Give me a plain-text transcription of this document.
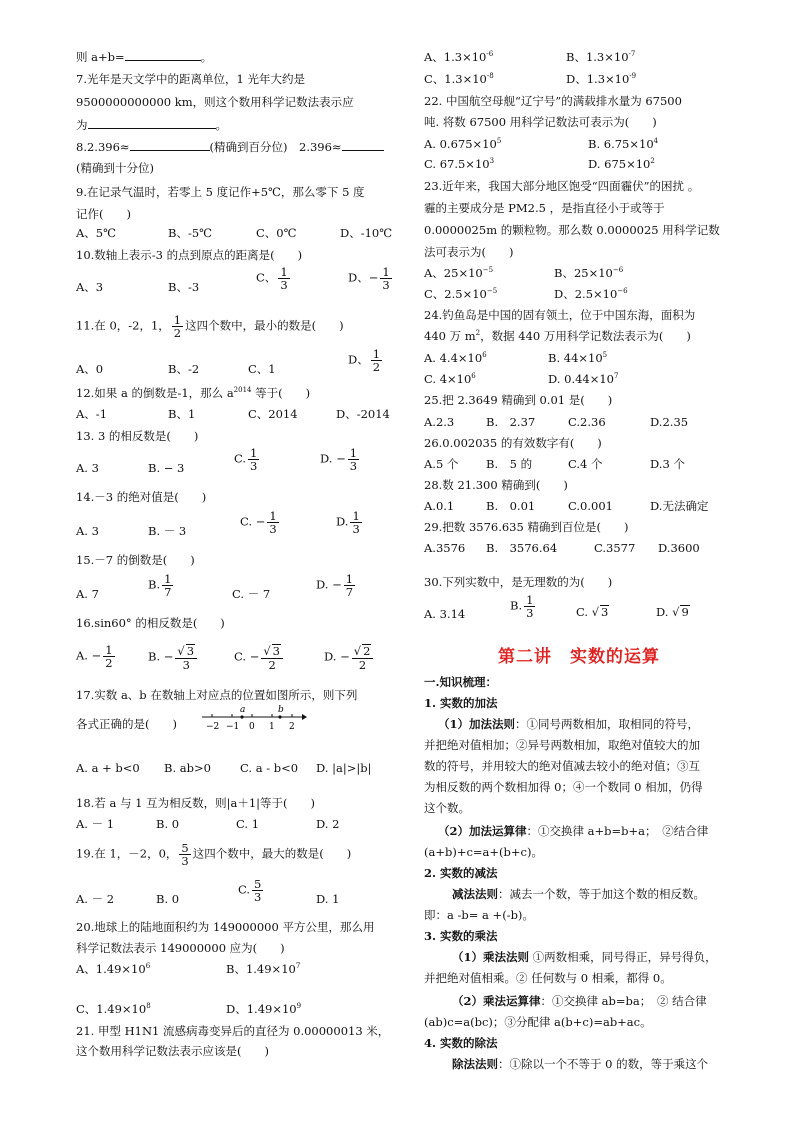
则 a+b=	。
7.光年是天文学中的距离单位，1 光年大约是
9500000000000 km，则这个数用科学记数法表示应
为	。
8.2.396≈	(精确到百分位)　2.396≈
(精确到十分位)
9.在记录气温时，若零上 5 度记作+5℃，那么零下 5 度
记作(　　)
A、5℃	B、-5℃	C、0℃	D、-10℃
10.数轴上表示-3 的点到原点的距离是(　　)
A、3	B、-3
C、 $\frac{1}{3}$	D、− $\frac{1}{3}$
11.在 0，-2，1， $\frac{1}{2}$ 这四个数中，最小的数是(　　)
A、0	B、-2	C、1
D、 $\frac{1}{2}$
12.如果 a 的倒数是-1，那么 $a^{2014}$ 等于(　　)
A、-1	B、1	C、2014	D、-2014
13. 3 的相反数是(　　)
A. 3	B. − 3
C. $\frac{1}{3}$	D. − $\frac{1}{3}$
14.－3 的绝对值是(　　)
A. 3	B. － 3
C. − $\frac{1}{3}$	D. $\frac{1}{3}$
15.－7 的倒数是(　　)
A. 7
B. $\frac{1}{7}$	C. － 7
D. − $\frac{1}{7}$
16.sin60° 的相反数是(　　)
A. − $\frac{1}{2}$	B. − $\frac{√ 3}{3}$	C. − $\frac{√ 3}{2}$	D. − $\frac{√ 2}{2}$
17.实数 a、b 在数轴上对应点的位置如图所示，则下列
各式正确的是(　　)
a	b
−2 −1 0 1 2
A. a + b<0 B. ab>0	C. a - b<0 D. |a|>|b|
18.若 a 与 1 互为相反数，则|a＋1|等于(　　)
A. － 1	B. 0	C. 1	D. 2
19.在 1，－2，0， $\frac{5}{3}$ 这四个数中，最大的数是(　　)
A. － 2	B. 0
C. $\frac{5}{3}$	D. 1
20.地球上的陆地面积约为 149000000 平方公里，那么用
科学记数法表示 149000000 应为(　　)
A、$1.49\times 10^6$	B、$1.49\times 10^7$
C、$1.49\times 10^8$	D、$1.49\times 10^9$
21. 甲型 H1N1 流感病毒变异后的直径为 0.00000013 米，
这个数用科学记数法表示应该是(　　)
A、$1.3\times 10^{-6}$	B、$1.3\times 10^{-7}$
C、$1.3\times 10^{-8}$	D、$1.3\times 10^{-9}$
22. 中国航空母舰“辽宁号”的满载排水量为 67500
吨. 将数 67500 用科学记数法可表示为(　　)
A. $0.675\times 10^5$	B. $6.75\times 10^4$
C. $67.5\times 10^3$	D. $675\times 10^2$
23.近年来，我国大部分地区饱受“四面霾伏”的困扰 。
霾的主要成分是 PM2.5 ，是指直径小于或等于
0.0000025m 的颗粒物。那么数 0.0000025 用科学记数
法可表示为(　　)
A、$25\times 10^{-5}$	B、$25\times 10^{-6}$
C、$2.5\times 10^{-5}$	D、$2.5\times 10^{-6}$
24.钓鱼岛是中国的固有领土，位于中国东海，面积为
440 万 $m^2$，数据 440 万用科学记数法表示为(　　)
A. $4.4\times 10^6$	B. $44\times 10^5$
C. $4\times 10^6$	D. $0.44\times 10^7$
25.把 2.3649 精确到 0.01 是(　　)
A.2.3	B.　2.37	C.2.36	D.2.35
26.0.002035 的有效数字有(　　)
A.5 个 B.　5 的	C.4 个	D.3 个
28.数 21.300 精确到(　　)
A.0.1	B.　0.01	C.0.001	D.无法确定
29.把数 3576.635 精确到百位是(　　)
A.3576 B.　3576.64	C.3577 D.3600
30.下列实数中，是无理数的为(　　)
A. 3.14
B. $\frac{1}{3}$	C. √ 3	D. √ 9
第二讲　实数的运算
一.知识梳理：
1. 实数的加法
（1）加法法则：①同号两数相加，取相同的符号，
并把绝对值相加；②异号两数相加，取绝对值较大的加
数的符号，并用较大的绝对值减去较小的绝对值；③互
为相反数的两个数相加得 0；④一个数同 0 相加，仍得
这个数。
（2）加法运算律：①交换律 a+b=b+a；　②结合律
(a+b)+c=a+(b+c)。
2. 实数的减法
减法法则：减去一个数，等于加这个数的相反数。
即：a -b= a +(-b)。
3. 实数的乘法
（1）乘法法则 ①两数相乘，同号得正，异号得负，
并把绝对值相乘。② 任何数与 0 相乘，都得 0。
（2）乘法运算律：①交换律 ab=ba；　② 结合律
(ab)c=a(bc)；③分配律 a(b+c)=ab+ac。
4. 实数的除法
除法法则：①除以一个不等于 0 的数，等于乘这个
